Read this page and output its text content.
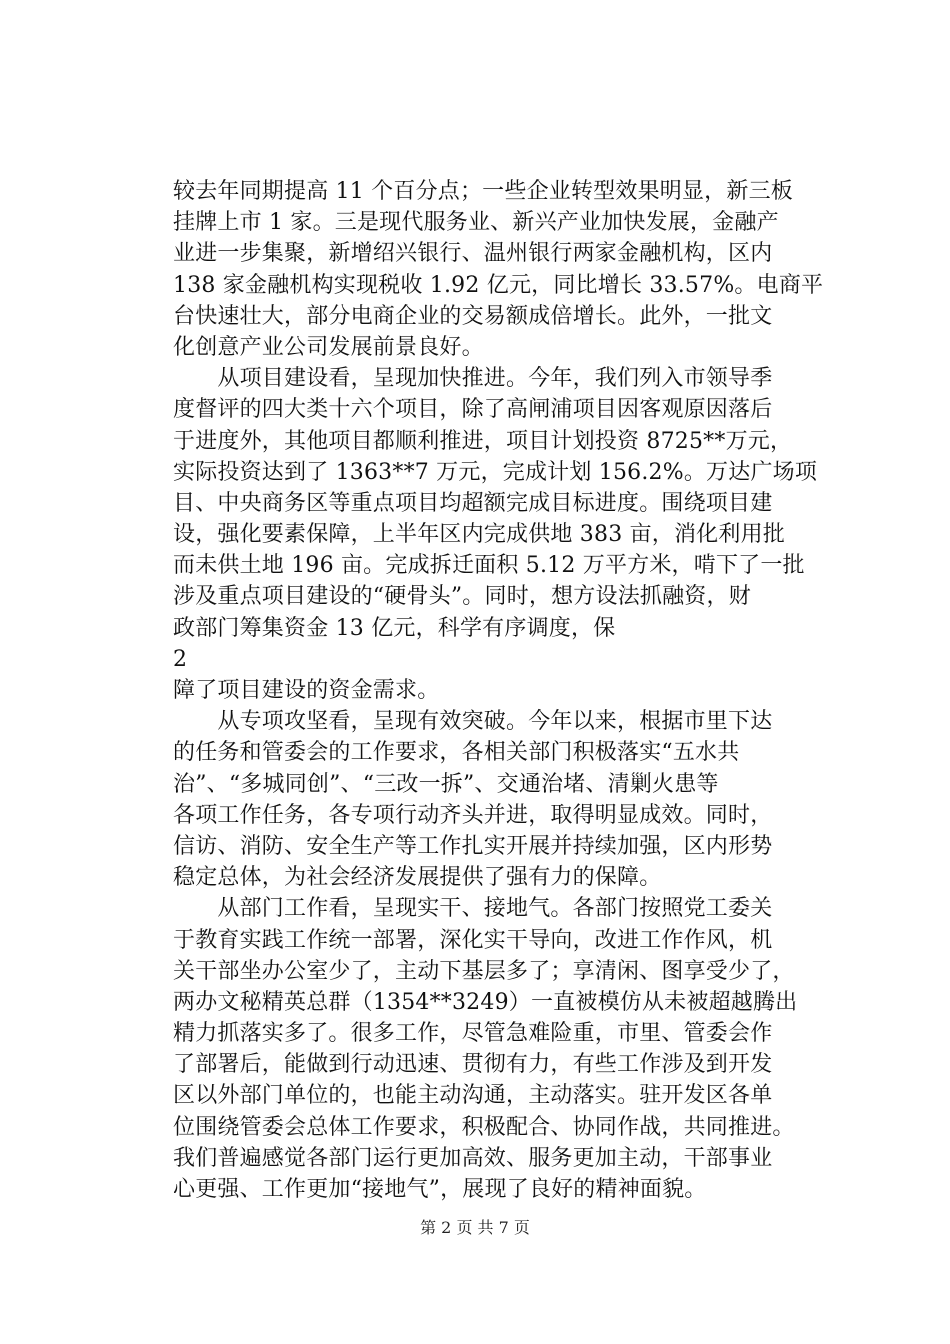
较去年同期提高 11 个百分点；一些企业转型效果明显，新三板
挂牌上市 1 家。三是现代服务业、新兴产业加快发展，金融产
业进一步集聚，新增绍兴银行、温州银行两家金融机构，区内
138 家金融机构实现税收 1.92 亿元，同比增长 33.57%。电商平
台快速壮大，部分电商企业的交易额成倍增长。此外，一批文
化创意产业公司发展前景良好。
　　从项目建设看，呈现加快推进。今年，我们列入市领导季
度督评的四大类十六个项目，除了高闸浦项目因客观原因落后
于进度外，其他项目都顺利推进，项目计划投资 8725**万元，
实际投资达到了 1363**7 万元，完成计划 156.2%。万达广场项
目、中央商务区等重点项目均超额完成目标进度。围绕项目建
设，强化要素保障，上半年区内完成供地 383 亩，消化利用批
而未供土地 196 亩。完成拆迁面积 5.12 万平方米，啃下了一批
涉及重点项目建设的“硬骨头”。同时，想方设法抓融资，财
政部门筹集资金 13 亿元，科学有序调度，保
2
障了项目建设的资金需求。
　　从专项攻坚看，呈现有效突破。今年以来，根据市里下达
的任务和管委会的工作要求，各相关部门积极落实“五水共
治”、“多城同创”、“三改一拆”、交通治堵、清剿火患等
各项工作任务，各专项行动齐头并进，取得明显成效。同时，
信访、消防、安全生产等工作扎实开展并持续加强，区内形势
稳定总体，为社会经济发展提供了强有力的保障。
　　从部门工作看，呈现实干、接地气。各部门按照党工委关
于教育实践工作统一部署，深化实干导向，改进工作作风，机
关干部坐办公室少了，主动下基层多了；享清闲、图享受少了，
两办文秘精英总群（1354**3249）一直被模仿从未被超越腾出
精力抓落实多了。很多工作，尽管急难险重，市里、管委会作
了部署后，能做到行动迅速、贯彻有力，有些工作涉及到开发
区以外部门单位的，也能主动沟通，主动落实。驻开发区各单
位围绕管委会总体工作要求，积极配合、协同作战，共同推进。
我们普遍感觉各部门运行更加高效、服务更加主动，干部事业
心更强、工作更加“接地气”，展现了良好的精神面貌。
第 2 页 共 7 页
